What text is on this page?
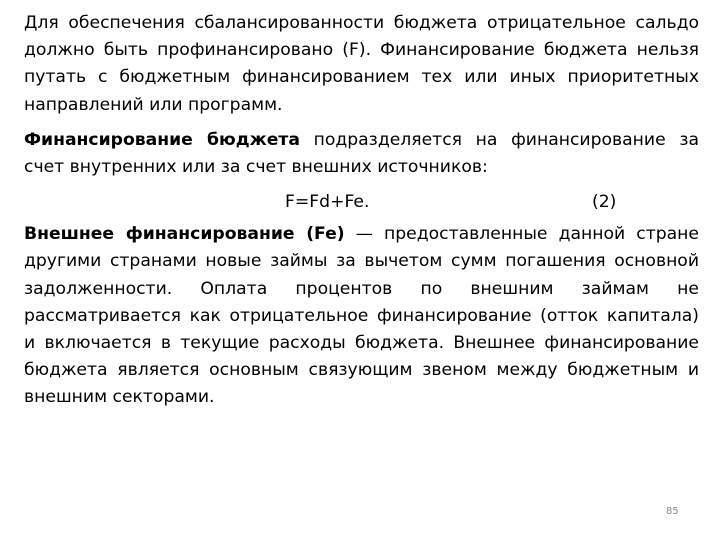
Для обеспечения сбалансированности бюджета отрицательное сальдо должно быть профинансировано (F). Финансирование бюджета нельзя путать с бюджетным финансированием тех или иных приоритетных направлений или программ.

Финансирование бюджета подразделяется на финансирование за счет внутренних или за счет внешних источников:

F=Fd+Fe.	(2)

Внешнее финансирование (Fe) — предоставленные данной стране другими странами новые займы за вычетом сумм погашения основной задолженности. Оплата процентов по внешним займам не рассматривается как отрицательное финансирование (отток капитала) и включается в текущие расходы бюджета. Внешнее финансирование бюджета является основным связующим звеном между бюджетным и внешним секторами.

85
